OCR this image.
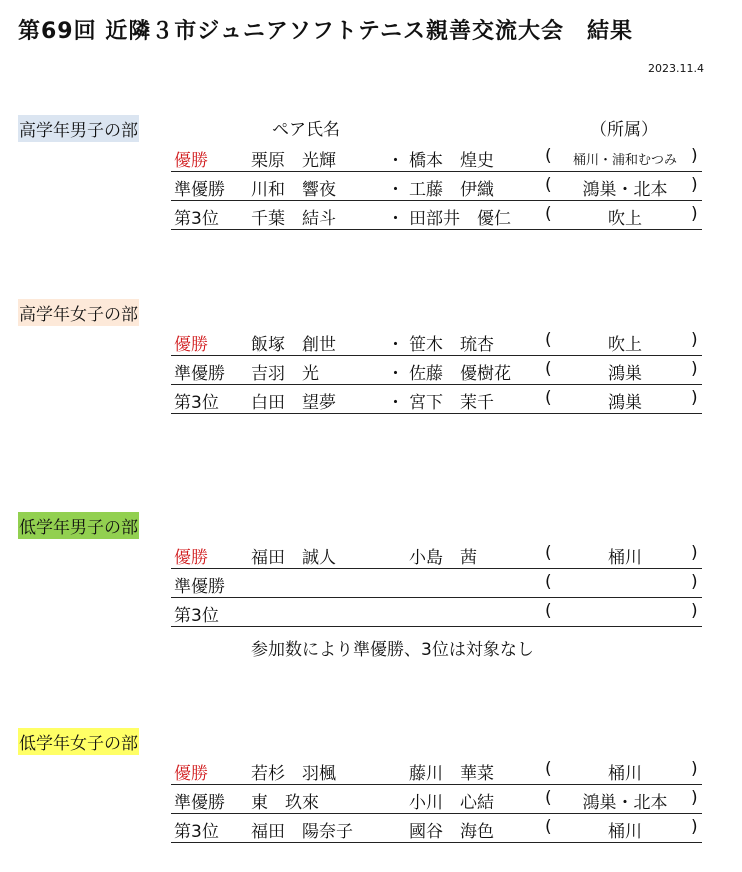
第69回 近隣３市ジュニアソフトテニス親善交流大会　結果
2023.11.4
高学年男子の部	ペア氏名	（所属）
優勝	栗原　光輝	・ 橋本　煌史	(	桶川・浦和むつみ )
準優勝 川和　響夜	・ 工藤　伊織	(	鴻巣・北本	)
第3位 千葉　結斗	・ 田部井　優仁 (	吹上	)
高学年女子の部
優勝	飯塚　創世	・ 笹木　琉杏	(	吹上	)
準優勝 吉羽　光	・ 佐藤　優樹花 (	鴻巣	)
第3位 白田　望夢	・ 宮下　茉千	(	鴻巣	)
低学年男子の部
優勝	福田　誠人	小島　茜	(	桶川	)
準優勝	(	)
第3位	(	)
参加数により準優勝、3位は対象なし
低学年女子の部
優勝	若杉　羽楓	藤川　華菜	(	桶川	)
準優勝 東　玖來	小川　心結	(	鴻巣・北本	)
第3位 福田　陽奈子	國谷　海色	(	桶川	)
